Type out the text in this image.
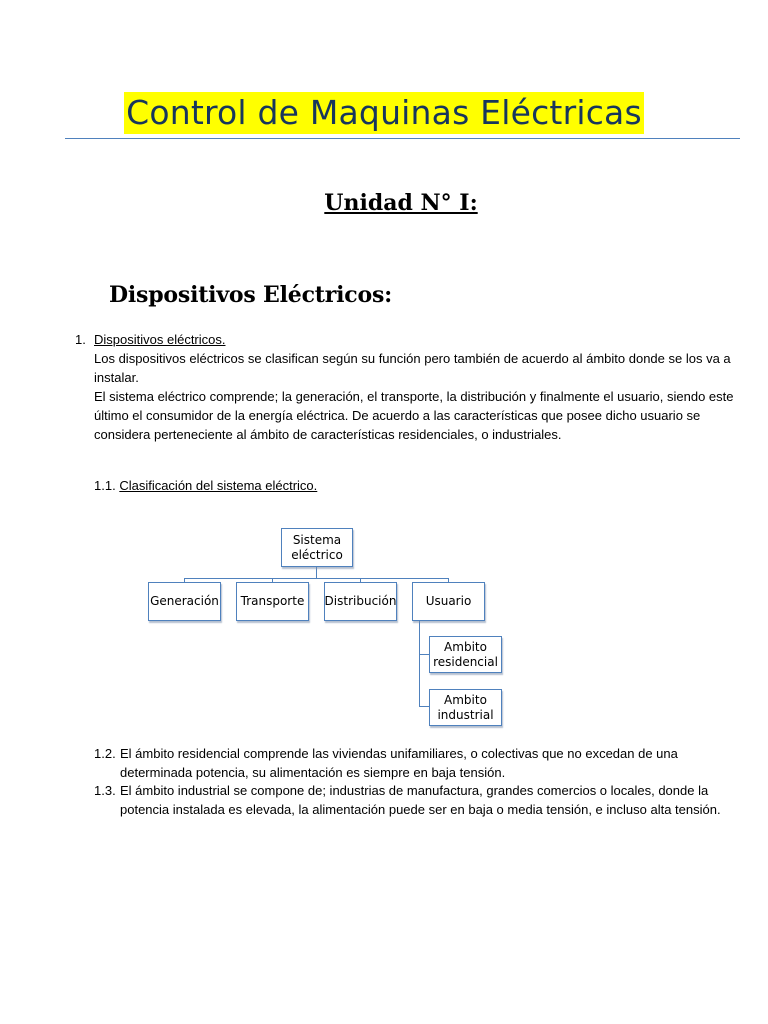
Control de Maquinas Eléctricas
Unidad N° I:
Dispositivos Eléctricos:
1. Dispositivos eléctricos.
Los dispositivos eléctricos se clasifican según su función pero también de acuerdo al ámbito donde se los va a instalar.
El sistema eléctrico comprende; la generación, el transporte, la distribución y finalmente el usuario, siendo este último el consumidor de la energía eléctrica. De acuerdo a las características que posee dicho usuario se considera perteneciente al ámbito de características residenciales, o industriales.
1.1. Clasificación del sistema eléctrico.
Sistema
eléctrico
Generación Transporte Distribución Usuario
Ambito
residencial
Ambito
industrial
1.2. El ámbito residencial comprende las viviendas unifamiliares, o colectivas que no excedan de una determinada potencia, su alimentación es siempre en baja tensión.
1.3. El ámbito industrial se compone de; industrias de manufactura, grandes comercios o locales, donde la potencia instalada es elevada, la alimentación puede ser en baja o media tensión, e incluso alta tensión.
